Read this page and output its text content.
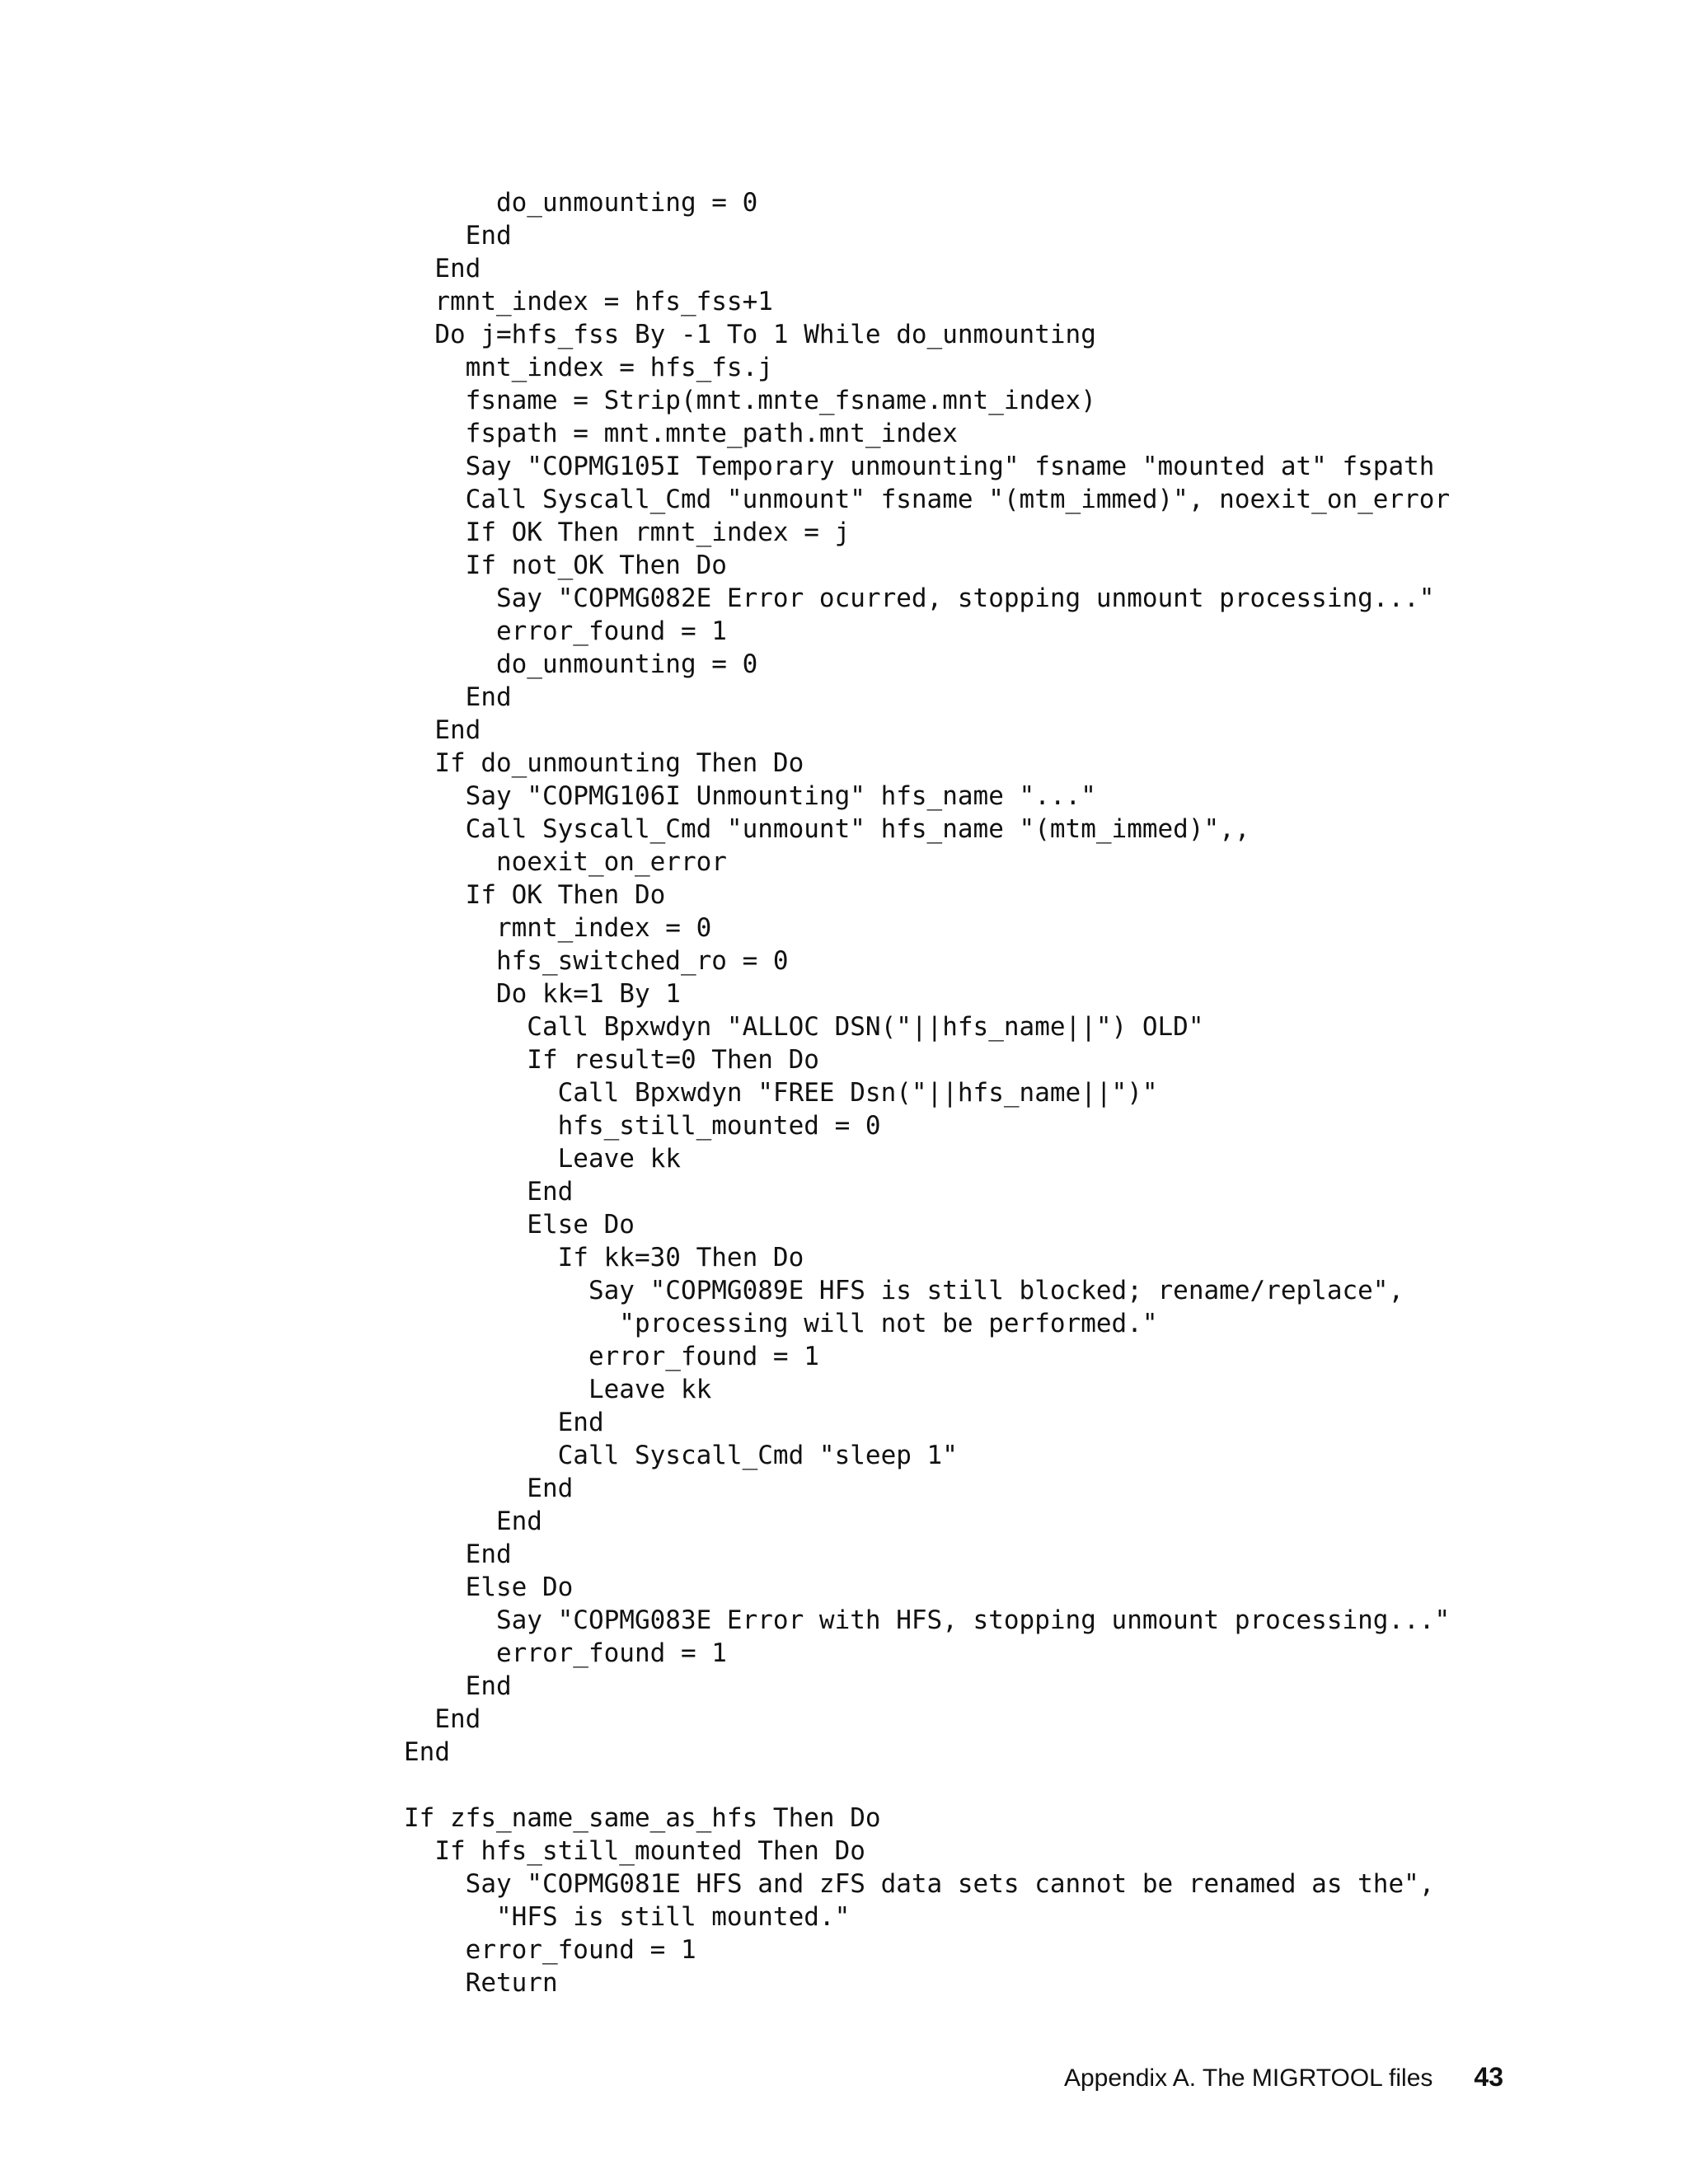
do_unmounting = 0
End
End
rmnt_index = hfs_fss+1
Do j=hfs_fss By -1 To 1 While do_unmounting
mnt_index = hfs_fs.j
fsname = Strip(mnt.mnte_fsname.mnt_index)
fspath = mnt.mnte_path.mnt_index
Say "COPMG105I Temporary unmounting" fsname "mounted at" fspath
Call Syscall_Cmd "unmount" fsname "(mtm_immed)", noexit_on_error
If OK Then rmnt_index = j
If not_OK Then Do
Say "COPMG082E Error ocurred, stopping unmount processing..."
error_found = 1
do_unmounting = 0
End
End
If do_unmounting Then Do
Say "COPMG106I Unmounting" hfs_name "..."
Call Syscall_Cmd "unmount" hfs_name "(mtm_immed)",,
noexit_on_error
If OK Then Do
rmnt_index = 0
hfs_switched_ro = 0
Do kk=1 By 1
Call Bpxwdyn "ALLOC DSN("||hfs_name||") OLD"
If result=0 Then Do
Call Bpxwdyn "FREE Dsn("||hfs_name||")"
hfs_still_mounted = 0
Leave kk
End
Else Do
If kk=30 Then Do
Say "COPMG089E HFS is still blocked; rename/replace",
"processing will not be performed."
error_found = 1
Leave kk
End
Call Syscall_Cmd "sleep 1"
End
End
End
Else Do
Say "COPMG083E Error with HFS, stopping unmount processing..."
error_found = 1
End
End
End
If zfs_name_same_as_hfs Then Do
If hfs_still_mounted Then Do
Say "COPMG081E HFS and zFS data sets cannot be renamed as the",
"HFS is still mounted."
error_found = 1
Return
Appendix A. The MIGRTOOL files 43
